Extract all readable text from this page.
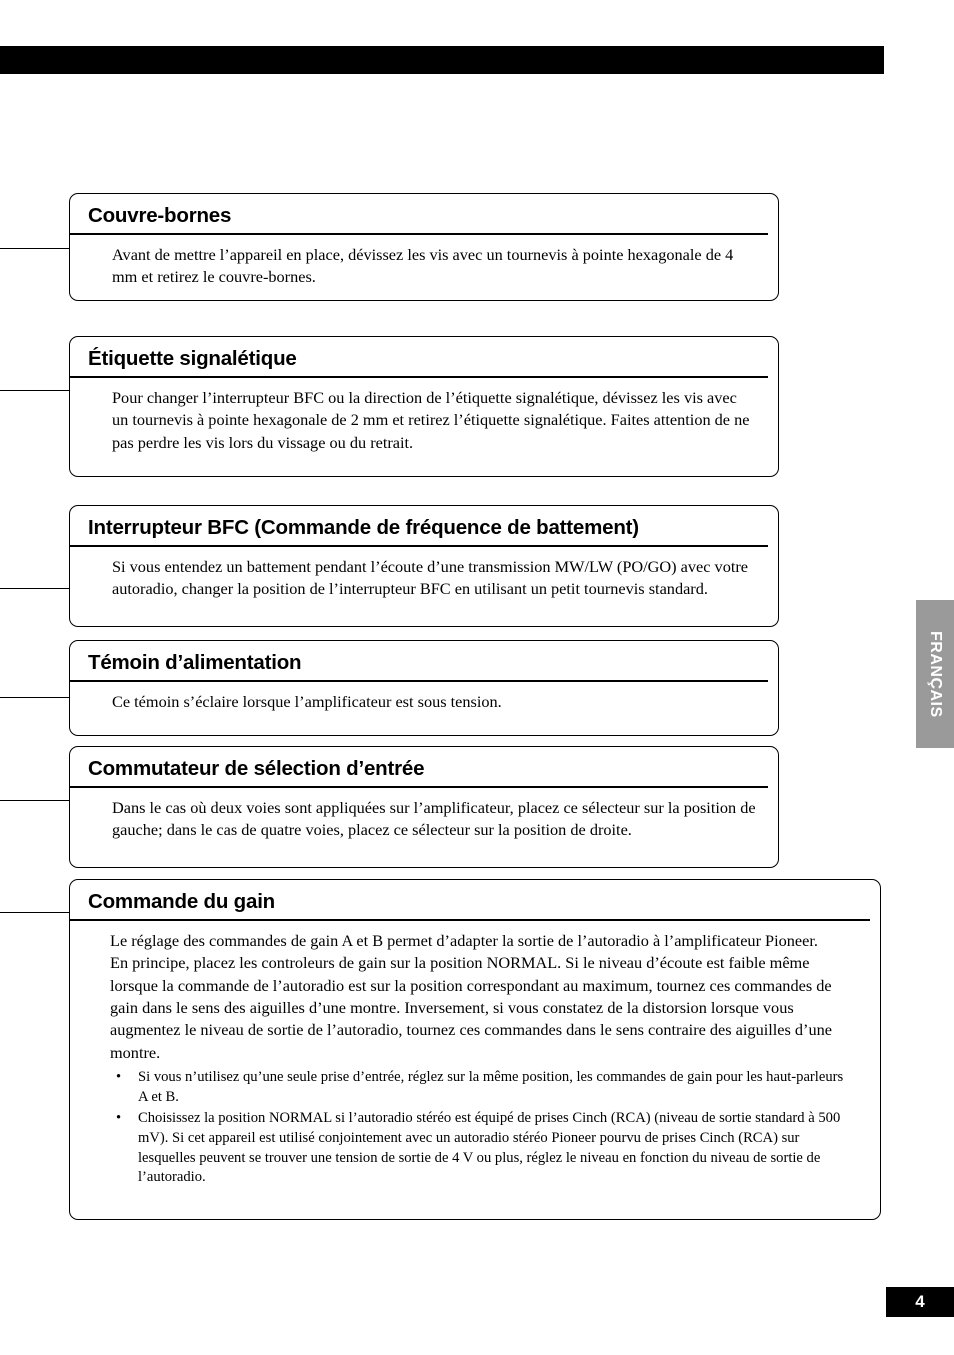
FRANÇAIS
Couvre-bornes

Avant de mettre l’appareil en place, dévissez les vis avec un tournevis à pointe hexagonale de 4 mm et retirez le couvre-bornes.

Étiquette signalétique

Pour changer l’interrupteur BFC ou la direction de l’étiquette signalétique, dévissez les vis avec un tournevis à pointe hexagonale de 2 mm et retirez l’étiquette signalétique. Faites attention de ne pas perdre les vis lors du vissage ou du retrait.

Interrupteur BFC (Commande de fréquence de battement)

Si vous entendez un battement pendant l’écoute d’une transmission MW/LW (PO/GO) avec votre autoradio, changer la position de l’interrupteur BFC en utilisant un petit tournevis standard.

Témoin d’alimentation

Ce témoin s’éclaire lorsque l’amplificateur est sous tension.

Commutateur de sélection d’entrée

Dans le cas où deux voies sont appliquées sur l’amplificateur, placez ce sélecteur sur la position de gauche; dans le cas de quatre voies, placez ce sélecteur sur la position de droite.

Commande du gain

Le réglage des commandes de gain A et B permet d’adapter la sortie de l’autoradio à l’amplificateur Pioneer.

En principe, placez les controleurs de gain sur la position NORMAL. Si le niveau d’écoute est faible même lorsque la commande de l’autoradio est sur la position correspondant au maximum, tournez ces commandes de gain dans le sens des aiguilles d’une montre. Inversement, si vous constatez de la distorsion lorsque vous augmentez le niveau de sortie de l’autoradio, tournez ces commandes dans le sens contraire des aiguilles d’une montre.

• Si vous n’utilisez qu’une seule prise d’entrée, réglez sur la même position, les commandes de gain pour les haut-parleurs A et B.
• Choisissez la position NORMAL si l’autoradio stéréo est équipé de prises Cinch (RCA) (niveau de sortie standard à 500 mV). Si cet appareil est utilisé conjointement avec un autoradio stéréo Pioneer pourvu de prises Cinch (RCA) sur lesquelles peuvent se trouver une tension de sortie de 4 V ou plus, réglez le niveau en fonction du niveau de sortie de l’autoradio.
4
